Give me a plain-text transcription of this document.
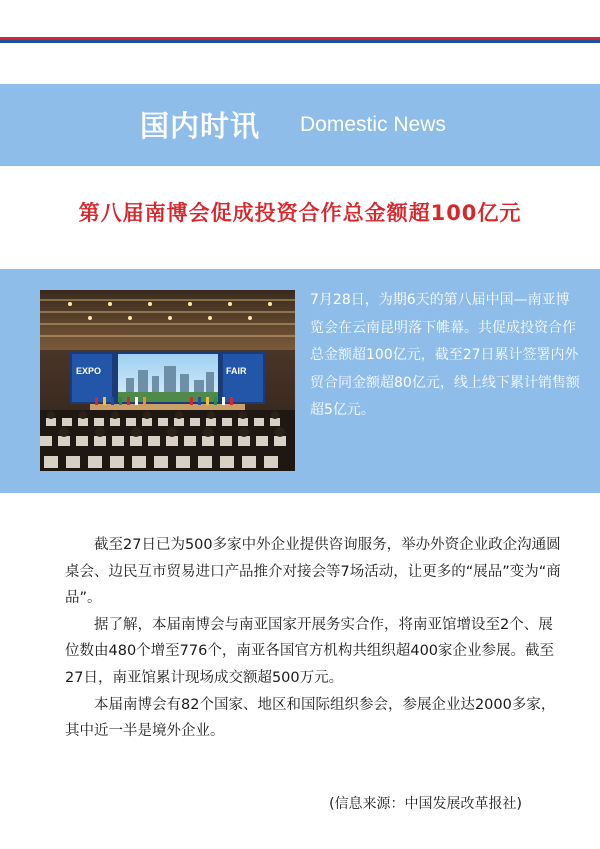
国内时讯 Domestic News
第八届南博会促成投资合作总金额超100亿元
EXPO	FAIR
7月28日，为期6天的第八届中国—南亚博览会在云南昆明落下帷幕。共促成投资合作总金额超100亿元，截至27日累计签署内外贸合同金额超80亿元，线上线下累计销售额超5亿元。

截至27日已为500多家中外企业提供咨询服务，举办外资企业政企沟通圆桌会、边民互市贸易进口产品推介对接会等7场活动，让更多的“展品”变为“商品”。

据了解，本届南博会与南亚国家开展务实合作，将南亚馆增设至2个、展位数由480个增至776个，南亚各国官方机构共组织超400家企业参展。截至27日，南亚馆累计现场成交额超500万元。

本届南博会有82个国家、地区和国际组织参会，参展企业达2000多家，其中近一半是境外企业。

(信息来源：中国发展改革报社)
